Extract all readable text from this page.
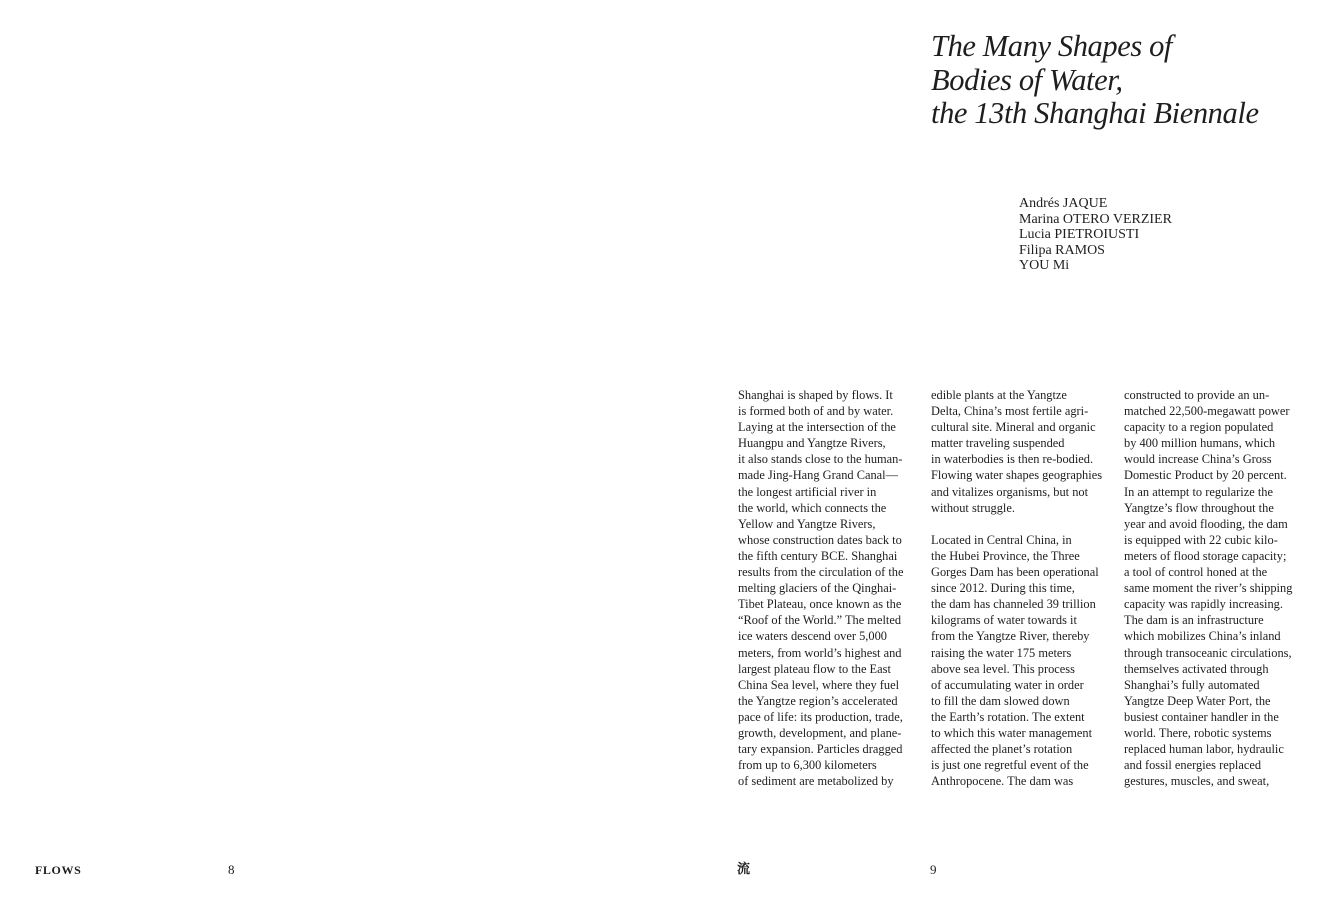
The Many Shapes of
Bodies of Water,
the 13th Shanghai Biennale
Andrés JAQUE
Marina OTERO VERZIER
Lucia PIETROIUSTI
Filipa RAMOS
YOU Mi
Shanghai is shaped by flows. It
is formed both of and by water.
Laying at the intersection of the
Huangpu and Yangtze Rivers,
it also stands close to the human-
made Jing-Hang Grand Canal—
the longest artificial river in
the world, which connects the
Yellow and Yangtze Rivers,
whose construction dates back to
the fifth century BCE. Shanghai
results from the circulation of the
melting glaciers of the Qinghai-
Tibet Plateau, once known as the
“Roof of the World.” The melted
ice waters descend over 5,000
meters, from world’s highest and
largest plateau flow to the East
China Sea level, where they fuel
the Yangtze region’s accelerated
pace of life: its production, trade,
growth, development, and plane-
tary expansion. Particles dragged
from up to 6,300 kilometers
of sediment are metabolized by
edible plants at the Yangtze
Delta, China’s most fertile agri-
cultural site. Mineral and organic
matter traveling suspended
in waterbodies is then re-bodied.
Flowing water shapes geographies
and vitalizes organisms, but not
without struggle.
Located in Central China, in
the Hubei Province, the Three
Gorges Dam has been operational
since 2012. During this time,
the dam has channeled 39 trillion
kilograms of water towards it
from the Yangtze River, thereby
raising the water 175 meters
above sea level. This process
of accumulating water in order
to fill the dam slowed down
the Earth’s rotation. The extent
to which this water management
affected the planet’s rotation
is just one regretful event of the
Anthropocene. The dam was
constructed to provide an un-
matched 22,500-megawatt power
capacity to a region populated
by 400 million humans, which
would increase China’s Gross
Domestic Product by 20 percent.
In an attempt to regularize the
Yangtze’s flow throughout the
year and avoid flooding, the dam
is equipped with 22 cubic kilo-
meters of flood storage capacity;
a tool of control honed at the
same moment the river’s shipping
capacity was rapidly increasing.
The dam is an infrastructure
which mobilizes China’s inland
through transoceanic circulations,
themselves activated through
Shanghai’s fully automated
Yangtze Deep Water Port, the
busiest container handler in the
world. There, robotic systems
replaced human labor, hydraulic
and fossil energies replaced
gestures, muscles, and sweat,
FLOWS	8	流	9
